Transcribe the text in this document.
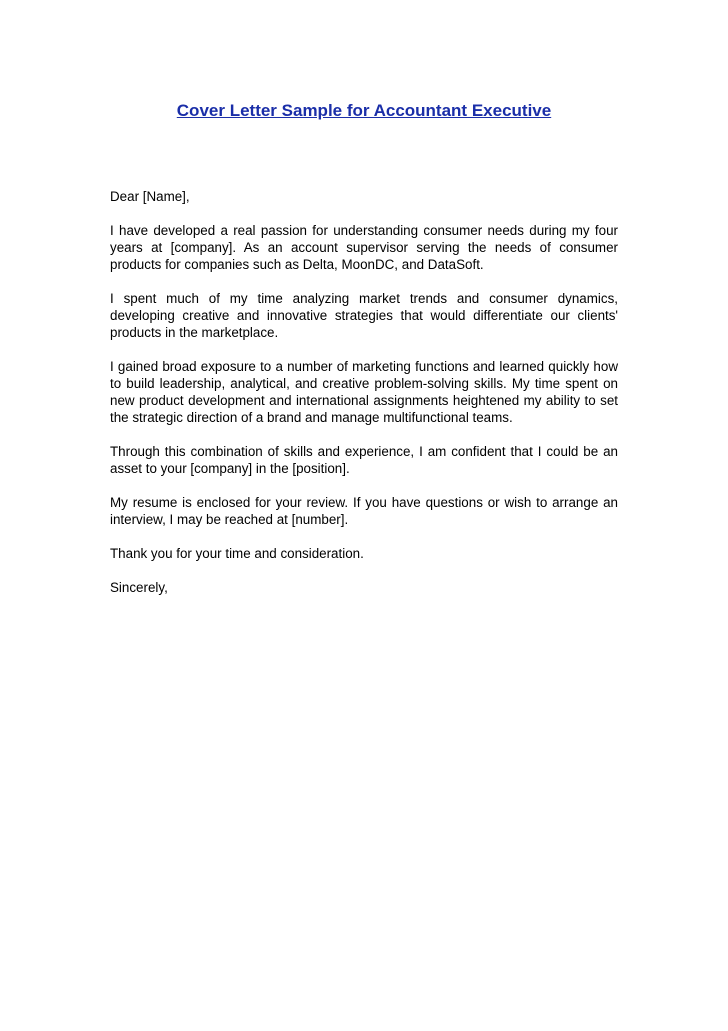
Cover Letter Sample for Accountant Executive

Dear [Name],

I have developed a real passion for understanding consumer needs during my four years at [company]. As an account supervisor serving the needs of consumer products for companies such as Delta, MoonDC, and DataSoft.

I spent much of my time analyzing market trends and consumer dynamics, developing creative and innovative strategies that would differentiate our clients' products in the marketplace.

I gained broad exposure to a number of marketing functions and learned quickly how to build leadership, analytical, and creative problem-solving skills. My time spent on new product development and international assignments heightened my ability to set the strategic direction of a brand and manage multifunctional teams.

Through this combination of skills and experience, I am confident that I could be an asset to your [company] in the [position].

My resume is enclosed for your review. If you have questions or wish to arrange an interview, I may be reached at [number].

Thank you for your time and consideration.

Sincerely,
